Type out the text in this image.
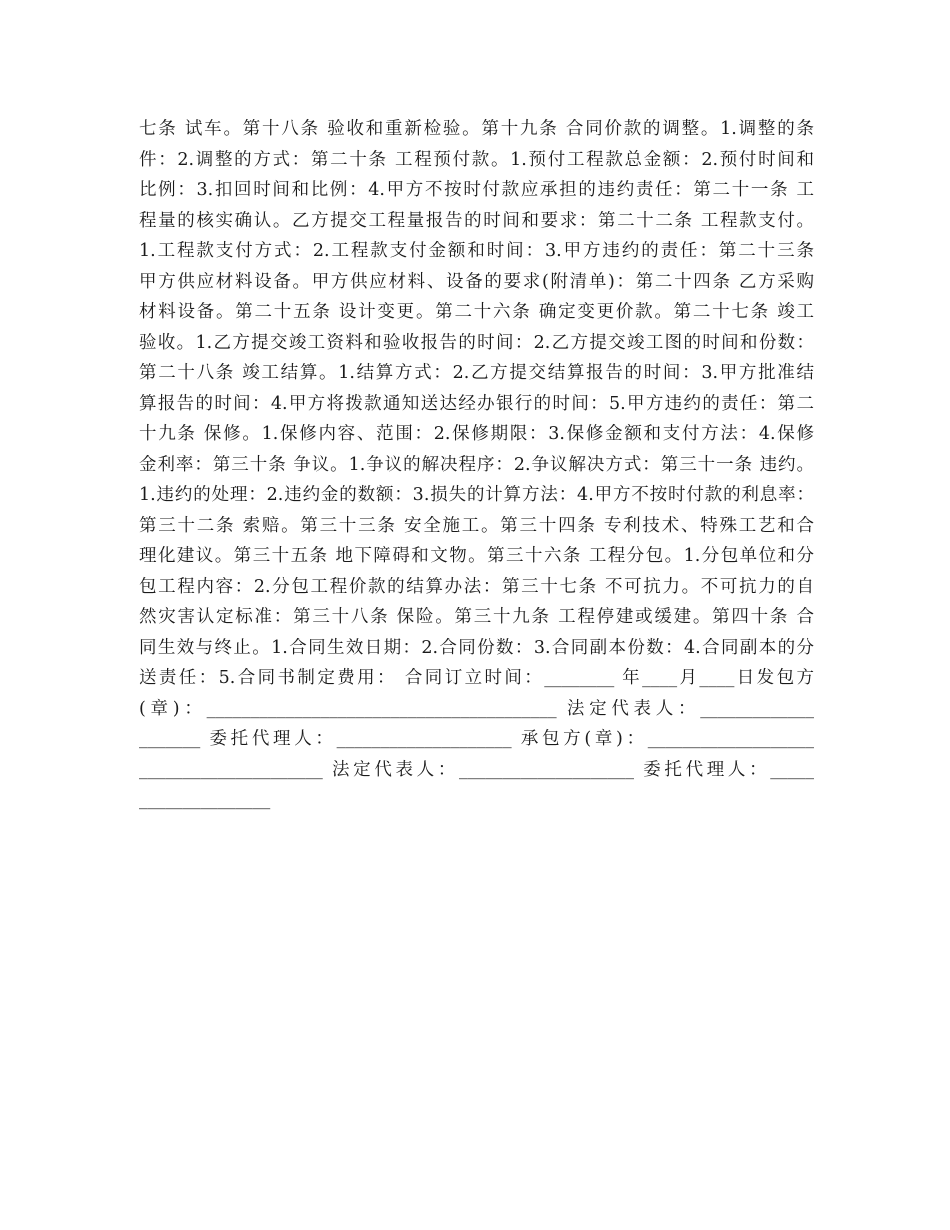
七条 试车。第十八条 验收和重新检验。第十九条 合同价款的调整。1.调整的条
件：2.调整的方式：第二十条 工程预付款。1.预付工程款总金额：2.预付时间和
比例：3.扣回时间和比例：4.甲方不按时付款应承担的违约责任：第二十一条 工
程量的核实确认。乙方提交工程量报告的时间和要求：第二十二条 工程款支付。
1.工程款支付方式：2.工程款支付金额和时间：3.甲方违约的责任：第二十三条
甲方供应材料设备。甲方供应材料、设备的要求(附清单)：第二十四条 乙方采购
材料设备。第二十五条 设计变更。第二十六条 确定变更价款。第二十七条 竣工
验收。1.乙方提交竣工资料和验收报告的时间：2.乙方提交竣工图的时间和份数：
第二十八条 竣工结算。1.结算方式：2.乙方提交结算报告的时间：3.甲方批准结
算报告的时间：4.甲方将拨款通知送达经办银行的时间：5.甲方违约的责任：第二
十九条 保修。1.保修内容、范围：2.保修期限：3.保修金额和支付方法：4.保修
金利率：第三十条 争议。1.争议的解决程序：2.争议解决方式：第三十一条 违约。
1.违约的处理：2.违约金的数额：3.损失的计算方法：4.甲方不按时付款的利息率：
第三十二条 索赔。第三十三条 安全施工。第三十四条 专利技术、特殊工艺和合
理化建议。第三十五条 地下障碍和文物。第三十六条 工程分包。1.分包单位和分
包工程内容：2.分包工程价款的结算办法：第三十七条 不可抗力。不可抗力的自
然灾害认定标准：第三十八条 保险。第三十九条 工程停建或缓建。第四十条 合
同生效与终止。1.合同生效日期：2.合同份数：3.合同副本份数：4.合同副本的分
送责任：5.合同书制定费用： 合同订立时间：________ 年____月____日发包方
(章)：________________________________________ 法定代表人：_____________
_______ 委托代理人：____________________ 承包方(章)：___________________
_____________________ 法定代表人：____________________ 委托代理人：_____
_______________
